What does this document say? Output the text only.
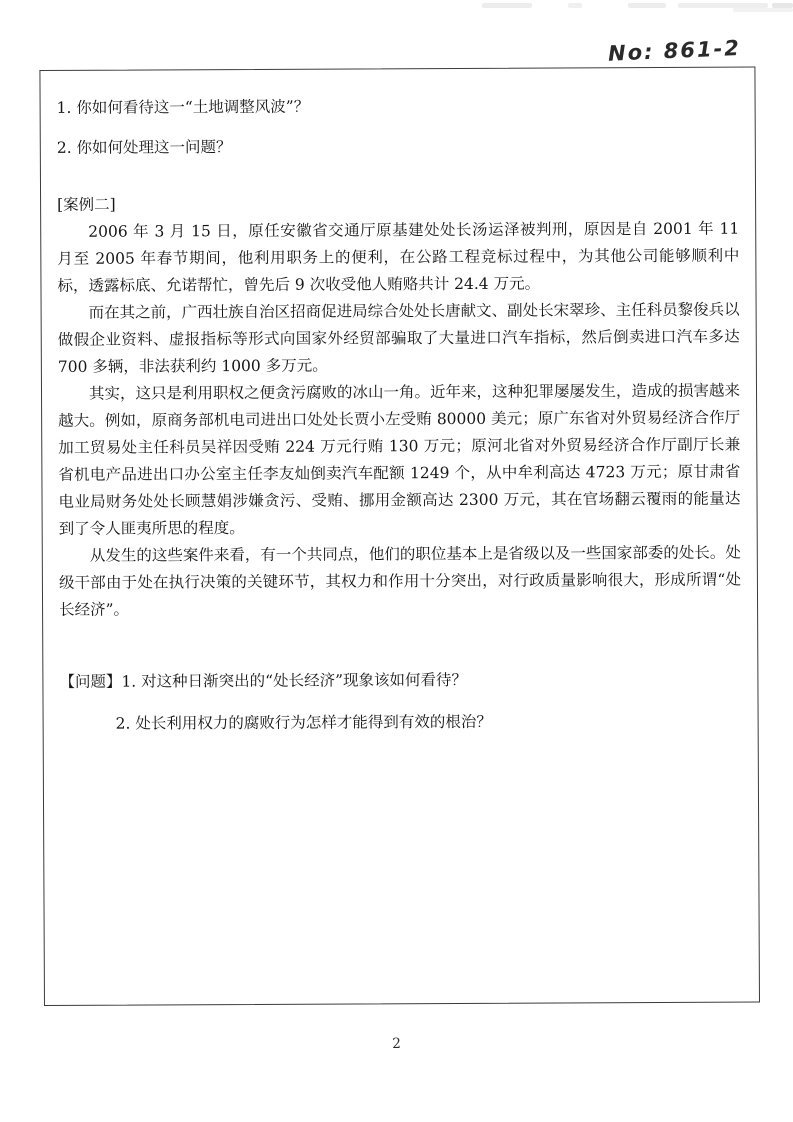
No: 861-2
1. 你如何看待这一“土地调整风波”？
2. 你如何处理这一问题？
[案例二]
2006 年 3 月 15 日，原任安徽省交通厅原基建处处长汤运泽被判刑，原因是自 2001 年 11 月至 2005 年春节期间，他利用职务上的便利，在公路工程竞标过程中，为其他公司能够顺利中标，透露标底、允诺帮忙，曾先后 9 次收受他人贿赂共计 24.4 万元。
而在其之前，广西壮族自治区招商促进局综合处处长唐献文、副处长宋翠珍、主任科员黎俊兵以做假企业资料、虚报指标等形式向国家外经贸部骗取了大量进口汽车指标，然后倒卖进口汽车多达 700 多辆，非法获利约 1000 多万元。
其实，这只是利用职权之便贪污腐败的冰山一角。近年来，这种犯罪屡屡发生，造成的损害越来越大。例如，原商务部机电司进出口处处长贾小左受贿 80000 美元；原广东省对外贸易经济合作厅加工贸易处主任科员吴祥因受贿 224 万元行贿 130 万元；原河北省对外贸易经济合作厅副厅长兼省机电产品进出口办公室主任李友灿倒卖汽车配额 1249 个，从中牟利高达 4723 万元；原甘肃省电业局财务处处长顾慧娟涉嫌贪污、受贿、挪用金额高达 2300 万元，其在官场翻云覆雨的能量达到了令人匪夷所思的程度。
从发生的这些案件来看，有一个共同点，他们的职位基本上是省级以及一些国家部委的处长。处级干部由于处在执行决策的关键环节，其权力和作用十分突出，对行政质量影响很大，形成所谓“处长经济”。
【问题】1. 对这种日渐突出的“处长经济”现象该如何看待？
2. 处长利用权力的腐败行为怎样才能得到有效的根治？
2
